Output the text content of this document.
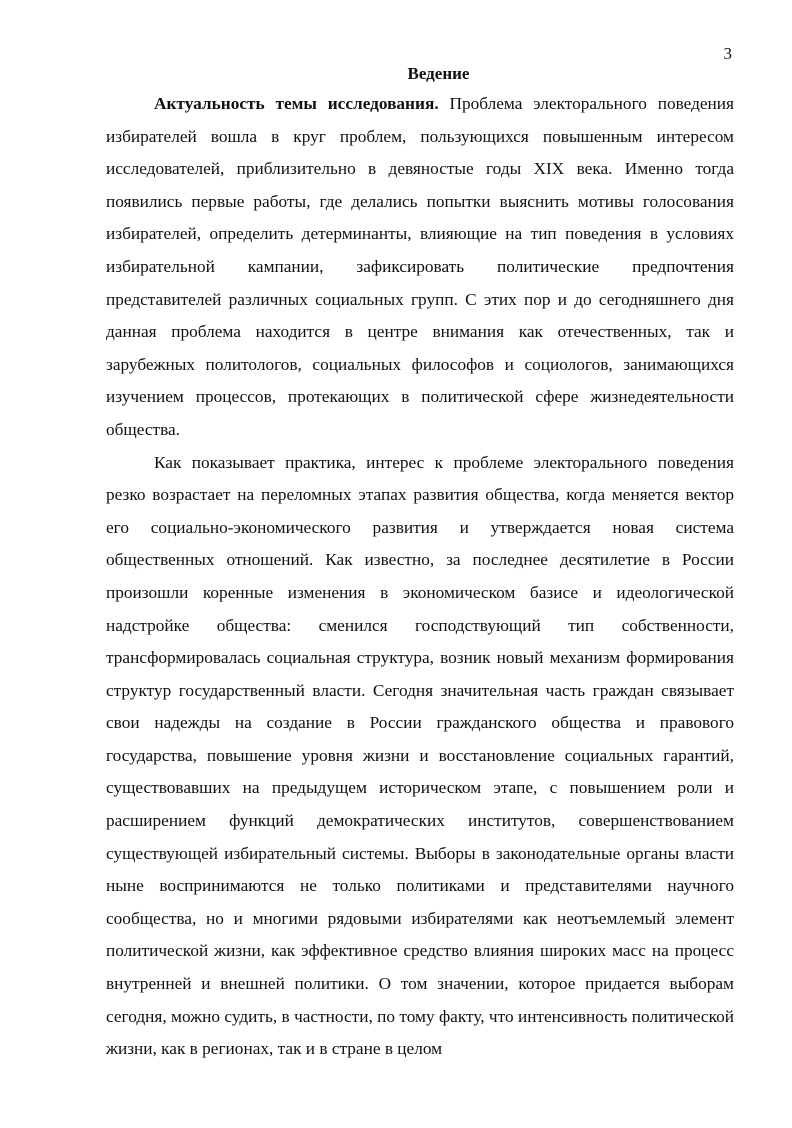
3
Ведение

Актуальность темы исследования. Проблема электорального поведения избирателей вошла в круг проблем, пользующихся повышенным интересом исследователей, приблизительно в девяностые годы XIX века. Именно тогда появились первые работы, где делались попытки выяснить мотивы голосования избирателей, определить детерминанты, влияющие на тип поведения в условиях избирательной кампании, зафиксировать политические предпочтения представителей различных социальных групп. С этих пор и до сегодняшнего дня данная проблема находится в центре внимания как отечественных, так и зарубежных политологов, социальных философов и социологов, занимающихся изучением процессов, протекающих в политической сфере жизнедеятельности общества.

Как показывает практика, интерес к проблеме электорального поведения резко возрастает на переломных этапах развития общества, когда меняется вектор его социально-экономического развития и утверждается новая система общественных отношений. Как известно, за последнее десятилетие в России произошли коренные изменения в экономическом базисе и идеологической надстройке общества: сменился господствующий тип собственности, трансформировалась социальная структура, возник новый механизм формирования структур государственный власти. Сегодня значительная часть граждан связывает свои надежды на создание в России гражданского общества и правового государства, повышение уровня жизни и восстановление социальных гарантий, существовавших на предыдущем историческом этапе, с повышением роли и расширением функций демократических институтов, совершенствованием существующей избирательный системы. Выборы в законодательные органы власти ныне воспринимаются не только политиками и представителями научного сообщества, но и многими рядовыми избирателями как неотъемлемый элемент политической жизни, как эффективное средство влияния широких масс на процесс внутренней и внешней политики. О том значении, которое придается выборам сегодня, можно судить, в частности, по тому факту, что интенсивность политической жизни, как в регионах, так и в стране в целом
